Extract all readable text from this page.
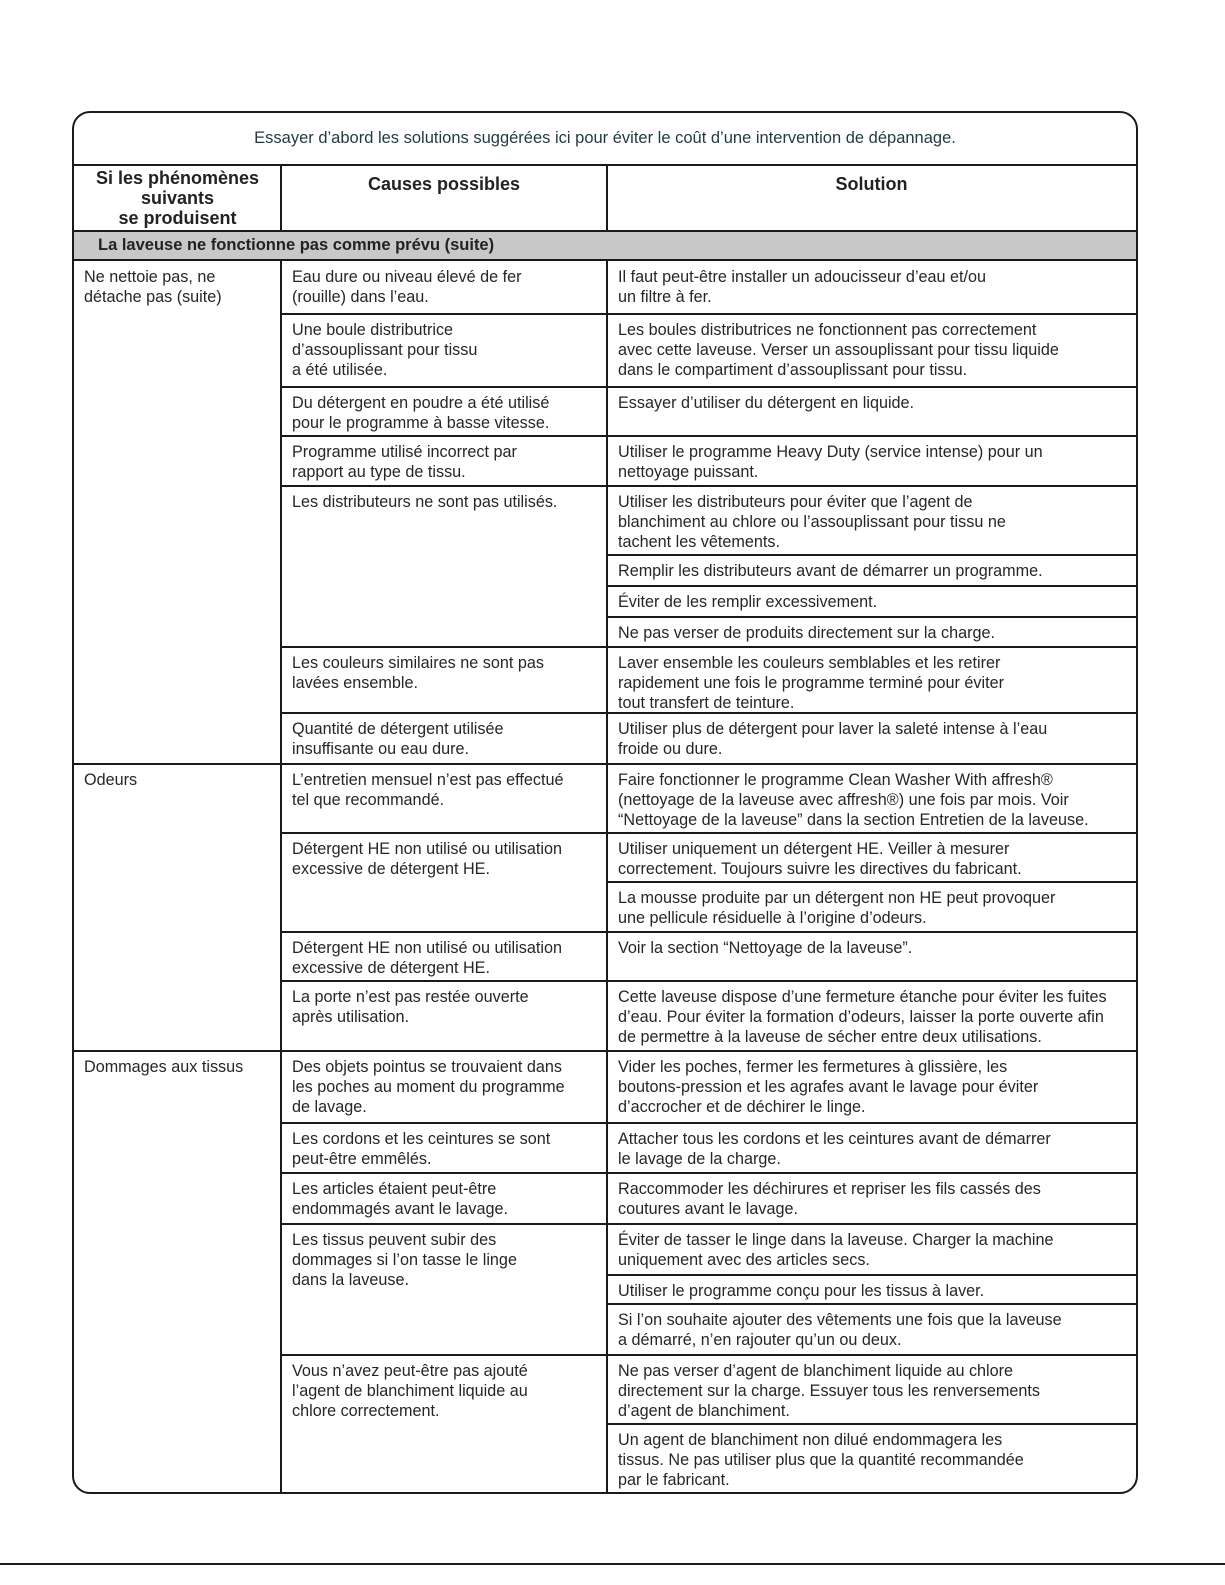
Essayer d’abord les solutions suggérées ici pour éviter le coût d’une intervention de dépannage.
Si les phénomènes
suivants
se produisent
Causes possibles	Solution
La laveuse ne fonctionne pas comme prévu (suite)
Ne nettoie pas, ne
détache pas (suite)
Odeurs
Dommages aux tissus
Eau dure ou niveau élevé de fer
(rouille) dans l’eau.
Une boule distributrice
d’assouplissant pour tissu
a été utilisée.
Du détergent en poudre a été utilisé
pour le programme à basse vitesse.
Programme utilisé incorrect par
rapport au type de tissu.
Les distributeurs ne sont pas utilisés.
Les couleurs similaires ne sont pas
lavées ensemble.
Quantité de détergent utilisée
insuffisante ou eau dure.
L’entretien mensuel n’est pas effectué
tel que recommandé.
Détergent HE non utilisé ou utilisation
excessive de détergent HE.
Détergent HE non utilisé ou utilisation
excessive de détergent HE.
La porte n’est pas restée ouverte
après utilisation.
Des objets pointus se trouvaient dans
les poches au moment du programme
de lavage.
Les cordons et les ceintures se sont
peut-être emmêlés.
Les articles étaient peut-être
endommagés avant le lavage.
Les tissus peuvent subir des
dommages si l’on tasse le linge
dans la laveuse.
Vous n’avez peut-être pas ajouté
l’agent de blanchiment liquide au
chlore correctement.
Il faut peut-être installer un adoucisseur d’eau et/ou
un filtre à fer.
Les boules distributrices ne fonctionnent pas correctement
avec cette laveuse. Verser un assouplissant pour tissu liquide
dans le compartiment d’assouplissant pour tissu.
Essayer d’utiliser du détergent en liquide.
Utiliser le programme Heavy Duty (service intense) pour un
nettoyage puissant.
Utiliser les distributeurs pour éviter que l’agent de
blanchiment au chlore ou l’assouplissant pour tissu ne
tachent les vêtements.
Remplir les distributeurs avant de démarrer un programme.
Éviter de les remplir excessivement.
Ne pas verser de produits directement sur la charge.
Laver ensemble les couleurs semblables et les retirer
rapidement une fois le programme terminé pour éviter
tout transfert de teinture.
Utiliser plus de détergent pour laver la saleté intense à l’eau
froide ou dure.
Faire fonctionner le programme Clean Washer With affresh®
(nettoyage de la laveuse avec affresh®) une fois par mois. Voir
“Nettoyage de la laveuse” dans la section Entretien de la laveuse.
Utiliser uniquement un détergent HE. Veiller à mesurer
correctement. Toujours suivre les directives du fabricant.
La mousse produite par un détergent non HE peut provoquer
une pellicule résiduelle à l’origine d’odeurs.
Voir la section “Nettoyage de la laveuse”.
Cette laveuse dispose d’une fermeture étanche pour éviter les fuites
d’eau. Pour éviter la formation d’odeurs, laisser la porte ouverte afin
de permettre à la laveuse de sécher entre deux utilisations.
Vider les poches, fermer les fermetures à glissière, les
boutons-pression et les agrafes avant le lavage pour éviter
d’accrocher et de déchirer le linge.
Attacher tous les cordons et les ceintures avant de démarrer
le lavage de la charge.
Raccommoder les déchirures et repriser les fils cassés des
coutures avant le lavage.
Éviter de tasser le linge dans la laveuse. Charger la machine
uniquement avec des articles secs.
Utiliser le programme conçu pour les tissus à laver.
Si l’on souhaite ajouter des vêtements une fois que la laveuse
a démarré, n’en rajouter qu’un ou deux.
Ne pas verser d’agent de blanchiment liquide au chlore
directement sur la charge. Essuyer tous les renversements
d’agent de blanchiment.
Un agent de blanchiment non dilué endommagera les
tissus. Ne pas utiliser plus que la quantité recommandée
par le fabricant.
